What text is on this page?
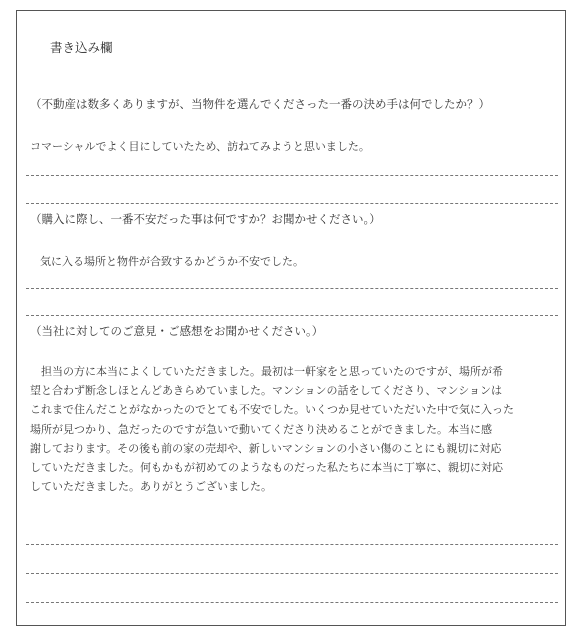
書き込み欄
（不動産は数多くありますが、当物件を選んでくださった一番の決め手は何でしたか？）
コマーシャルでよく目にしていたため、訪ねてみようと思いました。
（購入に際し、一番不安だった事は何ですか？お聞かせください。）
気に入る場所と物件が合致するかどうか不安でした。
（当社に対してのご意見・ご感想をお聞かせください。）
担当の方に本当によくしていただきました。最初は一軒家をと思っていたのですが、場所が希
望と合わず断念しほとんどあきらめていました。マンションの話をしてくださり、マンションは
これまで住んだことがなかったのでとても不安でした。いくつか見せていただいた中で気に入った
場所が見つかり、急だったのですが急いで動いてくださり決めることができました。本当に感
謝しております。その後も前の家の売却や、新しいマンションの小さい傷のことにも親切に対応
していただきました。何もかもが初めてのようなものだった私たちに本当に丁寧に、親切に対応
していただきました。ありがとうございました。
